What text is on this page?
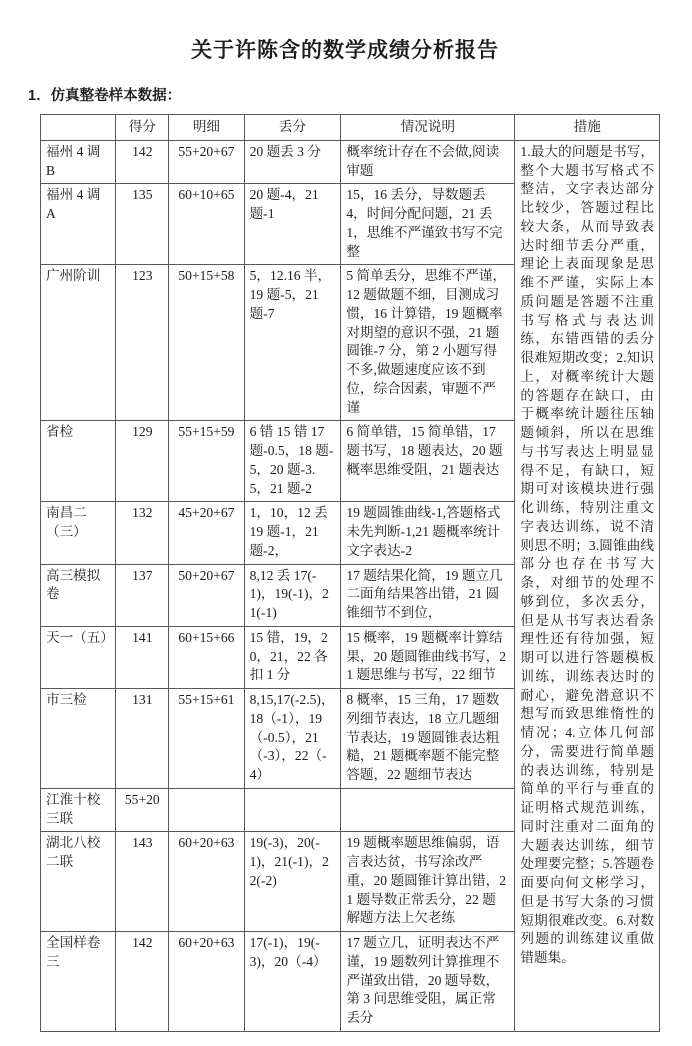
关于许陈含的数学成绩分析报告
1．仿真整卷样本数据：
	得分	明细	丢分	情况说明	措施
福州 4 调 B	142	55+20+67	20 题丢 3 分	概率统计存在不会做,阅读审题	1.最大的问题是书写，整个大题书写格式不整洁，文字表达部分比较少，答题过程比较大条，从而导致表达时细节丢分严重，理论上表面现象是思维不严谨，实际上本质问题是答题不注重书写格式与表达训练，东错西错的丢分很难短期改变；2.知识上，对概率统计大题的答题存在缺口，由于概率统计题往压轴题倾斜，所以在思维与书写表达上明显显得不足，有缺口，短期可对该模块进行强化训练，特别注重文字表达训练，说不清则思不明；3.圆锥曲线部分也存在书写大条，对细节的处理不够到位，多次丢分，但是从书写表达看条理性还有待加强，短期可以进行答题模板训练，训练表达时的耐心，避免潜意识不想写而致思维惰性的情况；4.立体几何部分，需要进行简单题的表达训练，特别是简单的平行与垂直的证明格式规范训练，同时注重对二面角的大题表达训练，细节处理要完整；5.答题卷面要向何文彬学习，但是书写大条的习惯短期很难改变。6.对数列题的训练建议重做错题集。
福州 4 调 A	135	60+10+65	20 题-4，21 题-1	15，16 丢分，导数题丢 4，时间分配问题，21 丢 1，思维不严谨致书写不完整	
广州阶训	123	50+15+58	5，12.16 半，19 题-5，21 题-7	5 简单丢分，思维不严谨，12 题做题不细，目测成习惯，16 计算错，19 题概率对期望的意识不强，21 题圆锥-7 分，第 2 小题写得不多,做题速度应该不到位，综合因素，审题不严谨	
省检	129	55+15+59	6 错 15 错 17 题-0.5，18 题-5，20 题-3.5，21 题-2	6 简单错，15 简单错，17 题书写，18 题表达，20 题概率思维受阻，21 题表达	
南昌二（三）	132	45+20+67	1，10，12 丢 19 题-1，21 题-2，	19 题圆锥曲线-1,答题格式未先判断-1,21 题概率统计文字表达-2	
高三模拟卷	137	50+20+67	8,12 丢 17(-1)，19(-1)，21(-1)	17 题结果化简，19 题立几二面角结果答出错，21 圆锥细节不到位，	
天一（五）	141	60+15+66	15 错，19，20，21，22 各扣 1 分	15 概率，19 题概率计算结果，20 题圆锥曲线书写，21 题思维与书写，22 细节	
市三检	131	55+15+61	8,15,17(-2.5)，18（-1），19（-0.5），21（-3），22（-4）	8 概率，15 三角，17 题数列细节表达，18 立几题细节表达，19 题圆锥表达粗糙，21 题概率题不能完整答题，22 题细节表达	
江淮十校三联	55+20				
湖北八校二联	143	60+20+63	19(-3)，20(-1)，21(-1)，22(-2)	19 题概率题思维偏弱，语言表达贫，书写涂改严重，20 题圆锥计算出错，21 题导数正常丢分，22 题解题方法上欠老练	
全国样卷三	142	60+20+63	17(-1)，19(-3)，20（-4）	17 题立几，证明表达不严谨，19 题数列计算推理不严谨致出错，20 题导数，第 3 问思维受阻，属正常丢分	
